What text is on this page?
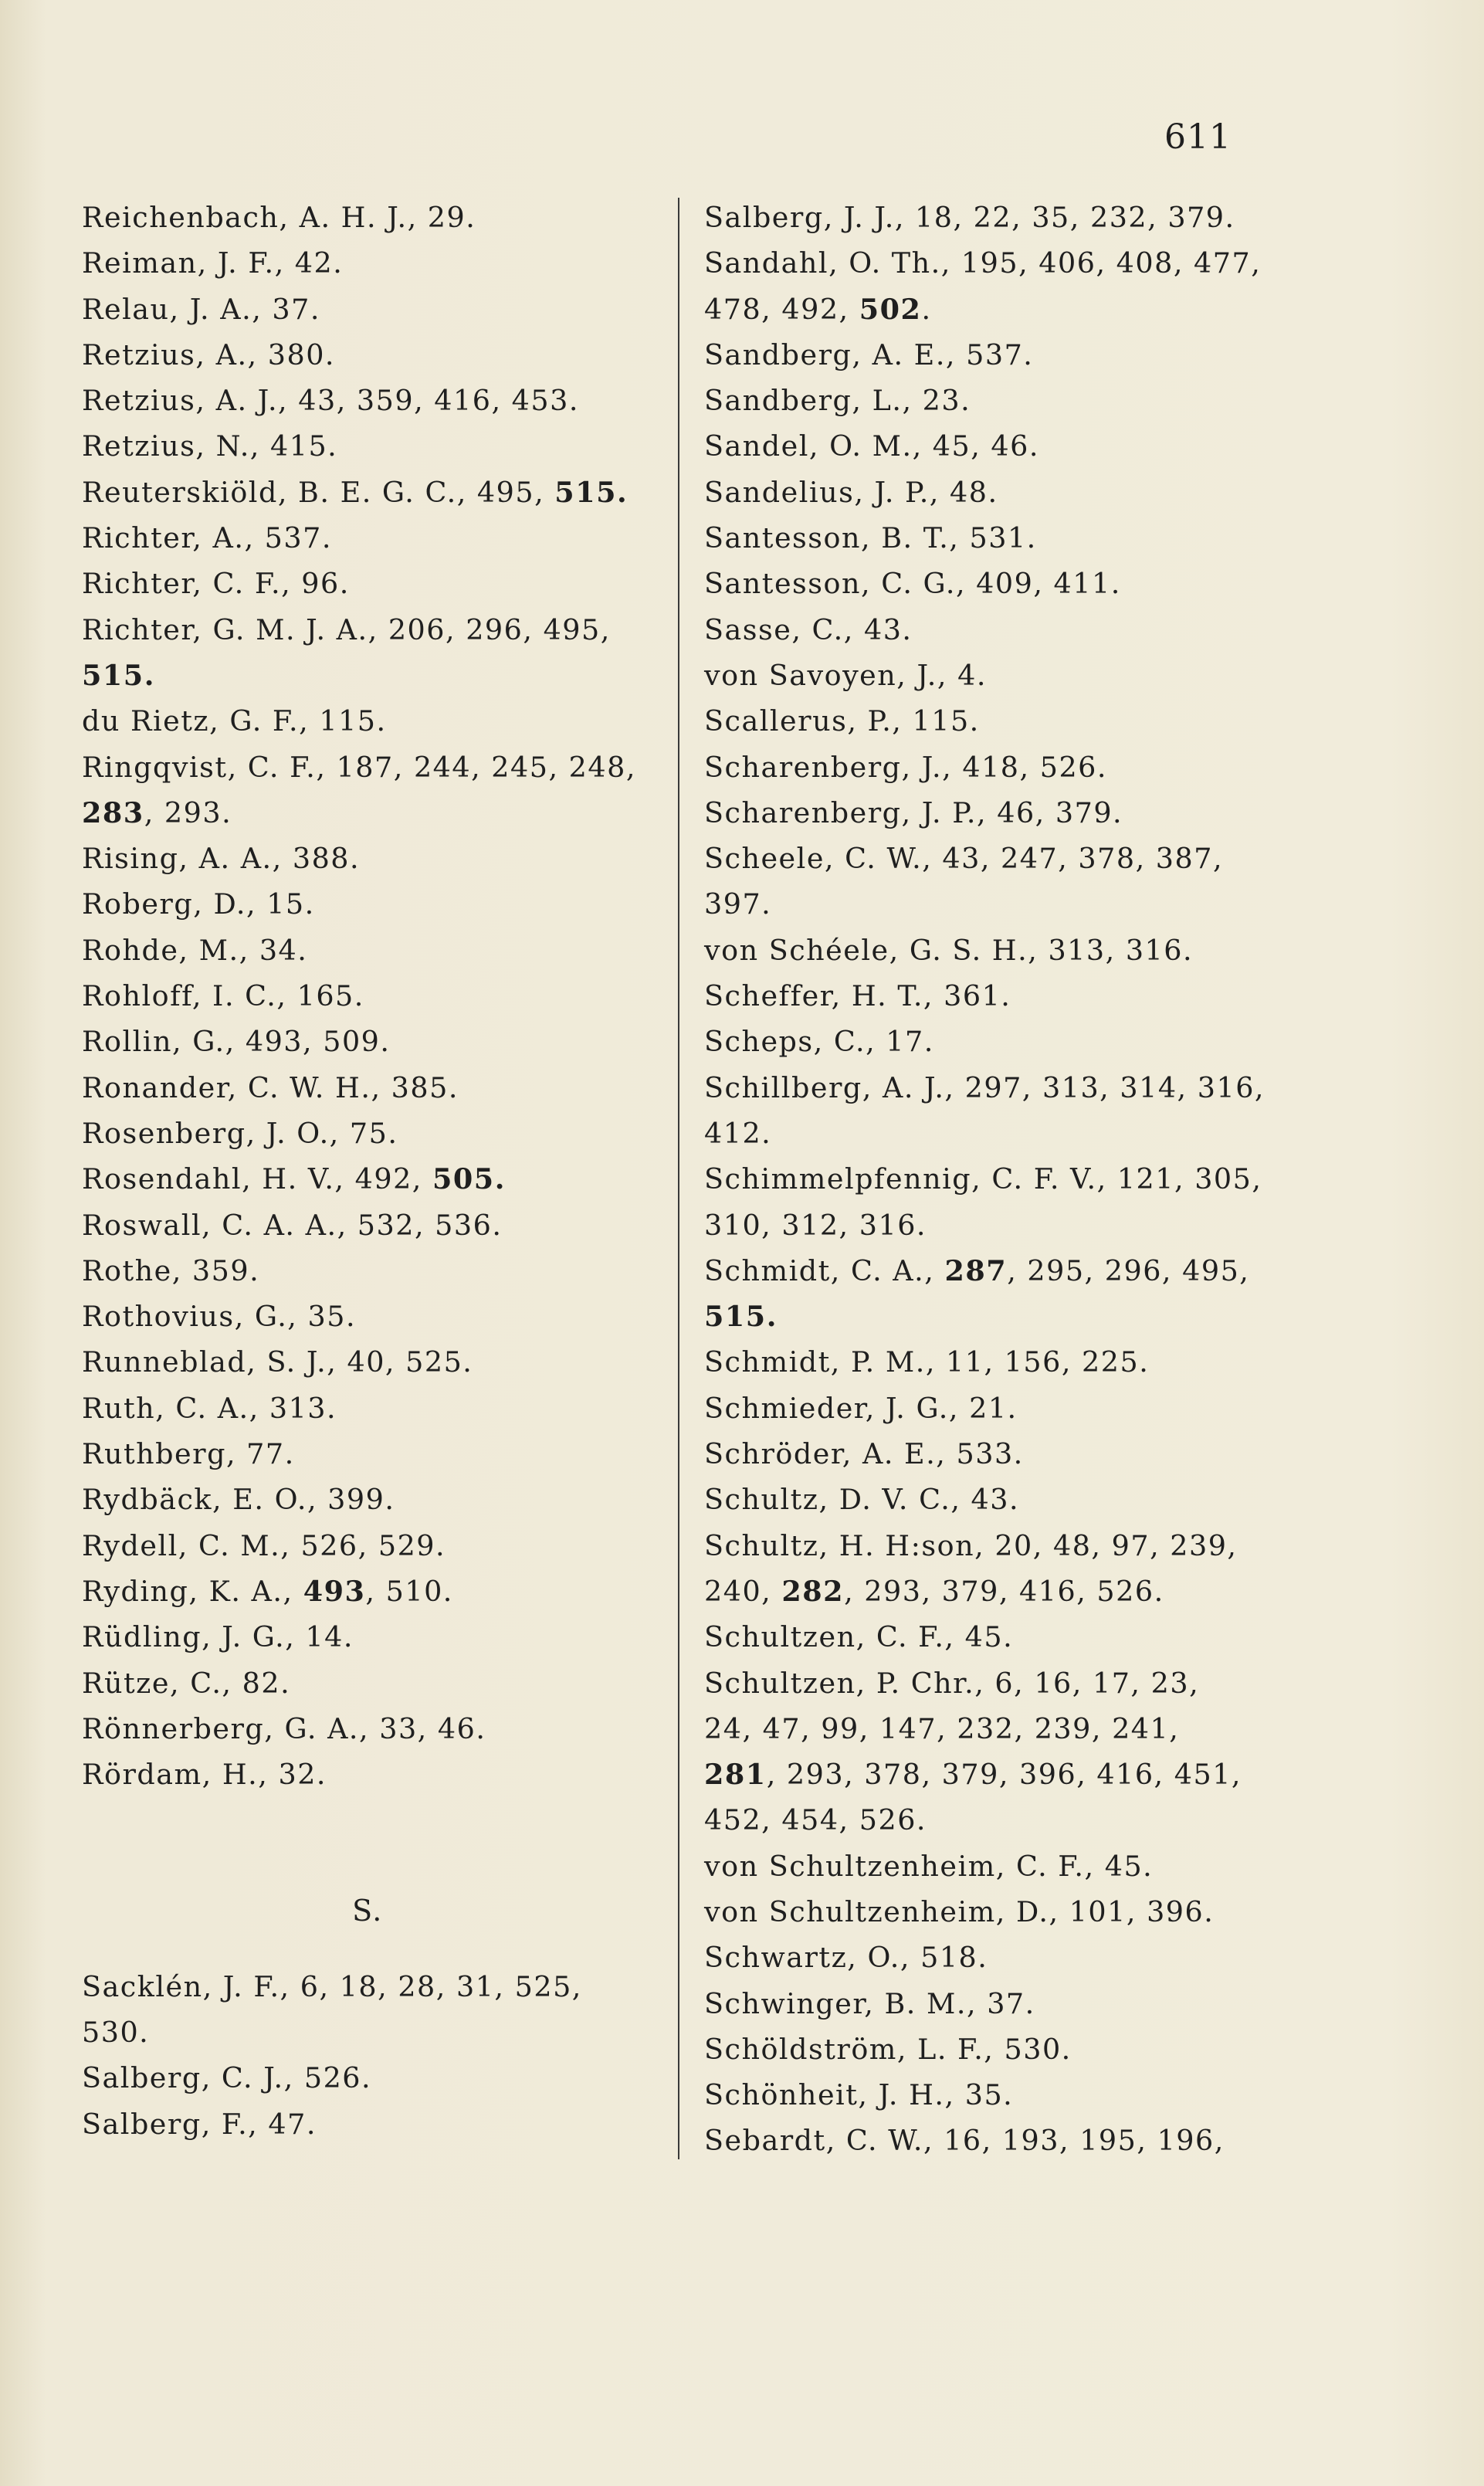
611
Reichenbach, A. H. J., 29.
Reiman, J. F., 42.
Relau, J. A., 37.
Retzius, A., 380.
Retzius, A. J., 43, 359, 416, 453.
Retzius, N., 415.
Reuterskiöld, B. E. G. C., 495, 515.
Richter, A., 537.
Richter, C. F., 96.
Richter, G. M. J. A., 206, 296, 495,
515.
du Rietz, G. F., 115.
Ringqvist, C. F., 187, 244, 245, 248,
283, 293.
Rising, A. A., 388.
Roberg, D., 15.
Rohde, M., 34.
Rohloff, I. C., 165.
Rollin, G., 493, 509.
Ronander, C. W. H., 385.
Rosenberg, J. O., 75.
Rosendahl, H. V., 492, 505.
Roswall, C. A. A., 532, 536.
Rothe, 359.
Rothovius, G., 35.
Runneblad, S. J., 40, 525.
Ruth, C. A., 313.
Ruthberg, 77.
Rydbäck, E. O., 399.
Rydell, C. M., 526, 529.
Ryding, K. A., 493, 510.
Rüdling, J. G., 14.
Rütze, C., 82.
Rönnerberg, G. A., 33, 46.
Rördam, H., 32.
S.
Sacklén, J. F., 6, 18, 28, 31, 525,
530.
Salberg, C. J., 526.
Salberg, F., 47.
Salberg, J. J., 18, 22, 35, 232, 379.
Sandahl, O. Th., 195, 406, 408, 477,
478, 492, 502.
Sandberg, A. E., 537.
Sandberg, L., 23.
Sandel, O. M., 45, 46.
Sandelius, J. P., 48.
Santesson, B. T., 531.
Santesson, C. G., 409, 411.
Sasse, C., 43.
von Savoyen, J., 4.
Scallerus, P., 115.
Scharenberg, J., 418, 526.
Scharenberg, J. P., 46, 379.
Scheele, C. W., 43, 247, 378, 387,
397.
von Schéele, G. S. H., 313, 316.
Scheffer, H. T., 361.
Scheps, C., 17.
Schillberg, A. J., 297, 313, 314, 316,
412.
Schimmelpfennig, C. F. V., 121, 305,
310, 312, 316.
Schmidt, C. A., 287, 295, 296, 495,
515.
Schmidt, P. M., 11, 156, 225.
Schmieder, J. G., 21.
Schröder, A. E., 533.
Schultz, D. V. C., 43.
Schultz, H. H:son, 20, 48, 97, 239,
240, 282, 293, 379, 416, 526.
Schultzen, C. F., 45.
Schultzen, P. Chr., 6, 16, 17, 23,
24, 47, 99, 147, 232, 239, 241,
281, 293, 378, 379, 396, 416, 451,
452, 454, 526.
von Schultzenheim, C. F., 45.
von Schultzenheim, D., 101, 396.
Schwartz, O., 518.
Schwinger, B. M., 37.
Schöldström, L. F., 530.
Schönheit, J. H., 35.
Sebardt, C. W., 16, 193, 195, 196,
